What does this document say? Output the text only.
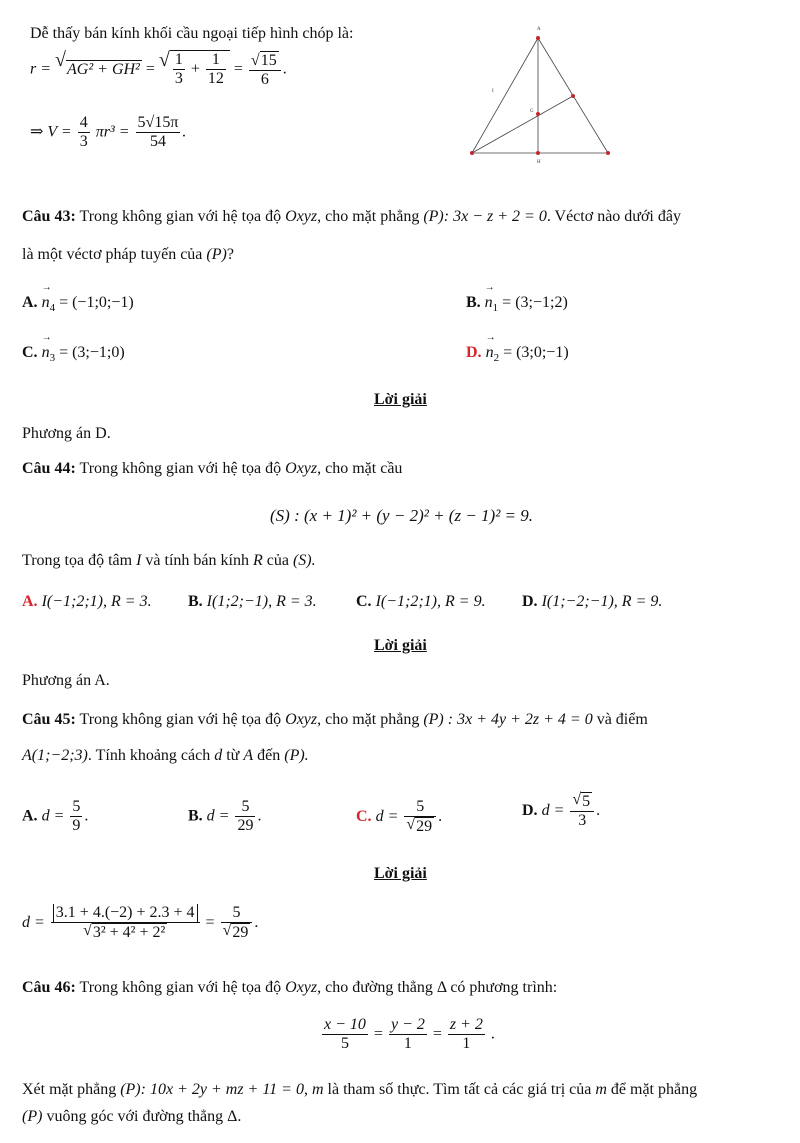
Dễ thấy bán kính khối cầu ngoại tiếp hình chóp là:
r = √AG² + GH² = √ $\frac{1}{3} + \frac{1}{12} = \frac{√15}{6}$ .
⇒ $V = \frac{4}{3} \pi r^3 = \frac{5√15\pi}{54}$ .
A
I
G
H
Câu 43: Trong không gian với hệ tọa độ Oxyz, cho mặt phẳng (P): 3x − z + 2 = 0. Véctơ nào dưới đây
là một véctơ pháp tuyến của (P)?
A. → $n_4$ = (−1;0;−1)	B. → $n_1$ = (3;−1;2)
C. → $n_3$ = (3;−1;0)	D. → $n_2$ = (3;0;−1)
Lời giải
Phương án D.
Câu 44: Trong không gian với hệ tọa độ Oxyz, cho mặt cầu
(S) : (x + 1)² + (y − 2)² + (z − 1)² = 9.
Trong tọa độ tâm I và tính bán kính R của (S).
A. I(−1;2;1), R = 3. B. I(1;2;−1), R = 3. C. I(−1;2;1), R = 9. D. I(1;−2;−1), R = 9.
Lời giải
Phương án A.
Câu 45: Trong không gian với hệ tọa độ Oxyz, cho mặt phẳng (P) : 3x + 4y + 2z + 4 = 0 và điểm
A(1;−2;3). Tính khoảng cách d từ A đến (P).
A. $d = \frac{5}{9}$ .	B. $d = \frac{5}{29}$ .	C. $d = \frac{5}{√29}$ .	D. $d = \frac{√5}{3}$ .
Lời giải
$d = \frac{3.1 + 4.(-2) + 2.3 + 4}{\text{√3² + 4² + 2²}} = \frac{5}{√29}$ .
Câu 46: Trong không gian với hệ tọa độ Oxyz, cho đường thẳng Δ có phương trình:
$\frac{x - 10}{5} = \frac{y - 2}{1} = \frac{z + 2}{1}$ .
Xét mặt phẳng (P): 10x + 2y + mz + 11 = 0, m là tham số thực. Tìm tất cả các giá trị của m để mặt phẳng
(P) vuông góc với đường thẳng Δ.
